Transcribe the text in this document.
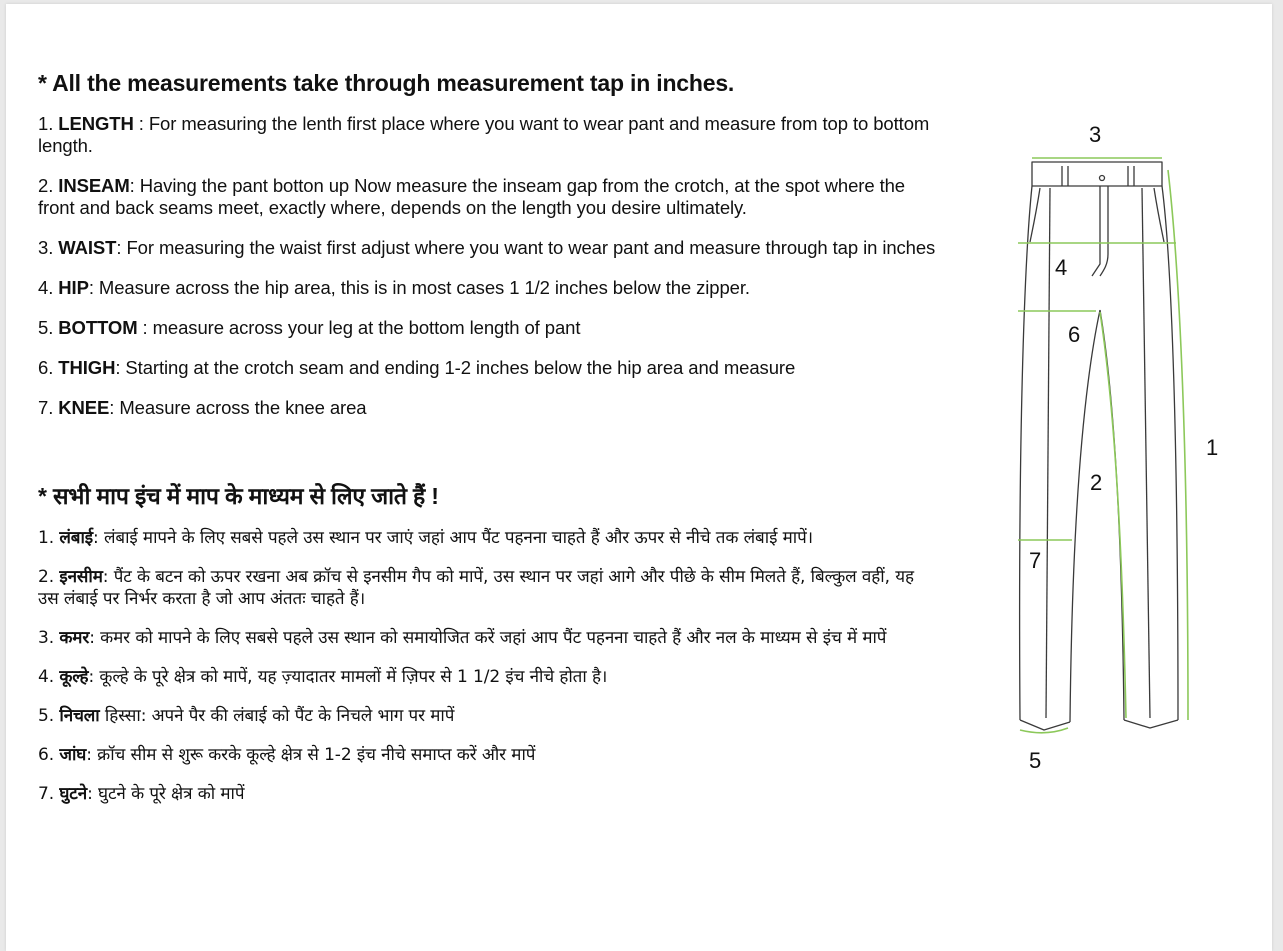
* All the measurements take through measurement tap in inches.
1. LENGTH : For measuring the lenth first place where you want to wear pant and measure from top to bottom length.
2. INSEAM: Having the pant botton up Now measure the inseam gap from the crotch, at the spot where the front and back seams meet, exactly where, depends on the length you desire ultimately.
3. WAIST: For measuring the waist first adjust where you want to wear pant and measure through tap in inches
4. HIP: Measure across the hip area, this is in most cases 1 1/2 inches below the zipper.
5. BOTTOM : measure across your leg at the bottom length of pant
6. THIGH: Starting at the crotch seam and ending 1-2 inches below the hip area and measure
7. KNEE: Measure across the knee area
* सभी माप इंच में माप के माध्यम से लिए जाते हैं !
1. लंबाई: लंबाई मापने के लिए सबसे पहले उस स्थान पर जाएं जहां आप पैंट पहनना चाहते हैं और ऊपर से नीचे तक लंबाई मापें।
2. इनसीम: पैंट के बटन को ऊपर रखना अब क्रॉच से इनसीम गैप को मापें, उस स्थान पर जहां आगे और पीछे के सीम मिलते हैं, बिल्कुल वहीं, यह उस लंबाई पर निर्भर करता है जो आप अंततः चाहते हैं।
3. कमर: कमर को मापने के लिए सबसे पहले उस स्थान को समायोजित करें जहां आप पैंट पहनना चाहते हैं और नल के माध्यम से इंच में मापें
4. कूल्हे: कूल्हे के पूरे क्षेत्र को मापें, यह ज़्यादातर मामलों में ज़िपर से 1 1/2 इंच नीचे होता है।
5. निचला हिस्सा: अपने पैर की लंबाई को पैंट के निचले भाग पर मापें
6. जांघ: क्रॉच सीम से शुरू करके कूल्हे क्षेत्र से 1-2 इंच नीचे समाप्त करें और मापें
7. घुटने: घुटने के पूरे क्षेत्र को मापें
3
4
6
1
2
7
5
